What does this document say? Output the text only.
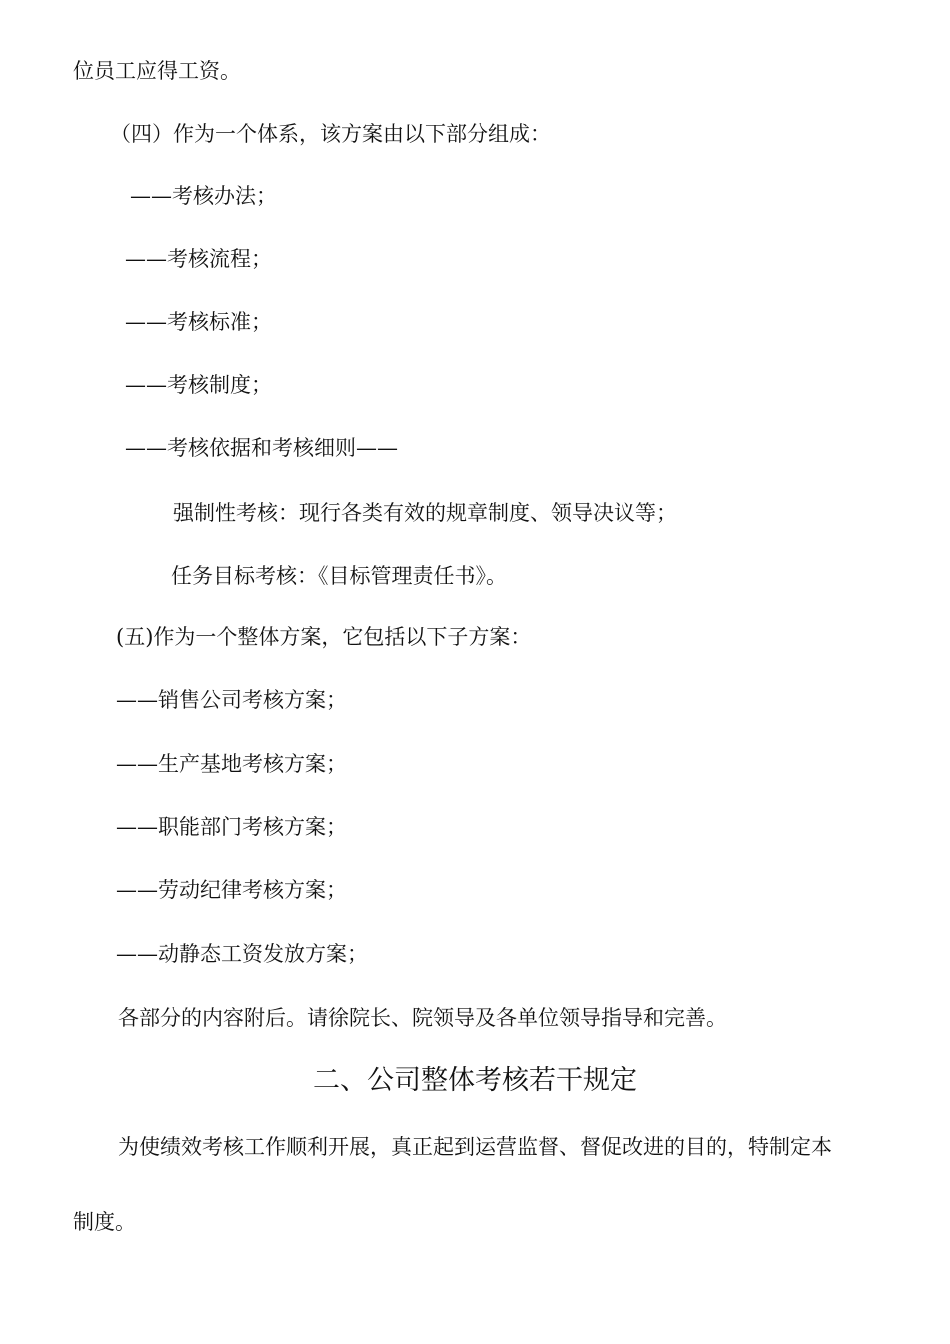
位员工应得工资。

（四）作为一个体系，该方案由以下部分组成：

——考核办法；

——考核流程；

——考核标准；

——考核制度；

——考核依据和考核细则——

强制性考核：现行各类有效的规章制度、领导决议等；

任务目标考核：《目标管理责任书》。

(五)作为一个整体方案，它包括以下子方案：

——销售公司考核方案；

——生产基地考核方案；

——职能部门考核方案；

——劳动纪律考核方案；

——动静态工资发放方案；

各部分的内容附后。请徐院长、院领导及各单位领导指导和完善。

二、公司整体考核若干规定

为使绩效考核工作顺利开展，真正起到运营监督、督促改进的目的，特制定本

制度。
